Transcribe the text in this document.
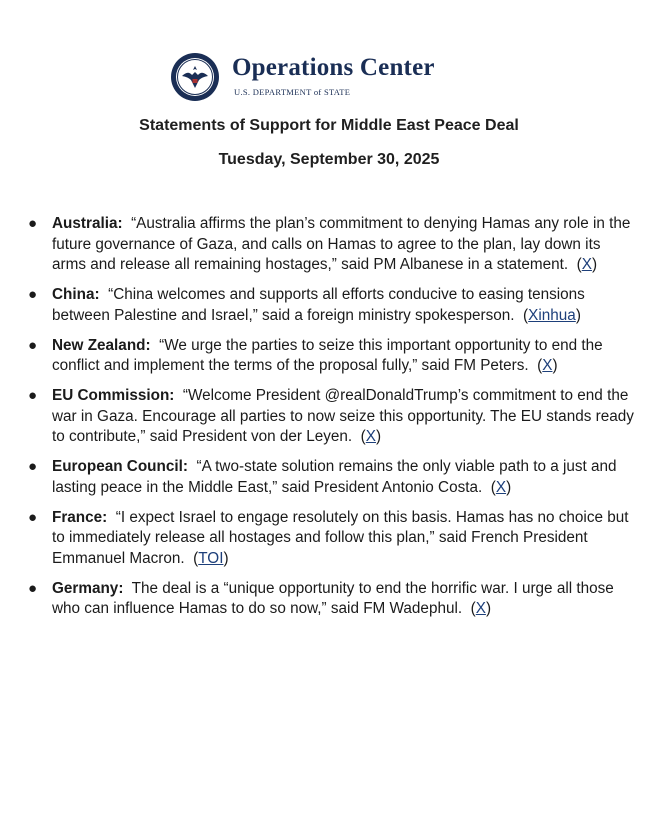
Operations Center
U.S. DEPARTMENT of STATE
Statements of Support for Middle East Peace Deal
Tuesday, September 30, 2025
● Australia: “Australia affirms the plan’s commitment to denying Hamas any role in the future governance of Gaza, and calls on Hamas to agree to the plan, lay down its arms and release all remaining hostages,” said PM Albanese in a statement.  (X)
● China: “China welcomes and supports all efforts conducive to easing tensions between Palestine and Israel,” said a foreign ministry spokesperson.  (Xinhua)
● New Zealand: “We urge the parties to seize this important opportunity to end the conflict and implement the terms of the proposal fully,” said FM Peters.  (X)
● EU Commission: “Welcome President @realDonaldTrump’s commitment to end the war in Gaza. Encourage all parties to now seize this opportunity. The EU stands ready to contribute,” said President von der Leyen.  (X)
● European Council: “A two-state solution remains the only viable path to a just and lasting peace in the Middle East,” said President Antonio Costa.  (X)
● France: “I expect Israel to engage resolutely on this basis. Hamas has no choice but to immediately release all hostages and follow this plan,” said French President Emmanuel Macron.  (TOI)
● Germany: The deal is a “unique opportunity to end the horrific war. I urge all those who can influence Hamas to do so now,” said FM Wadephul.  (X)
